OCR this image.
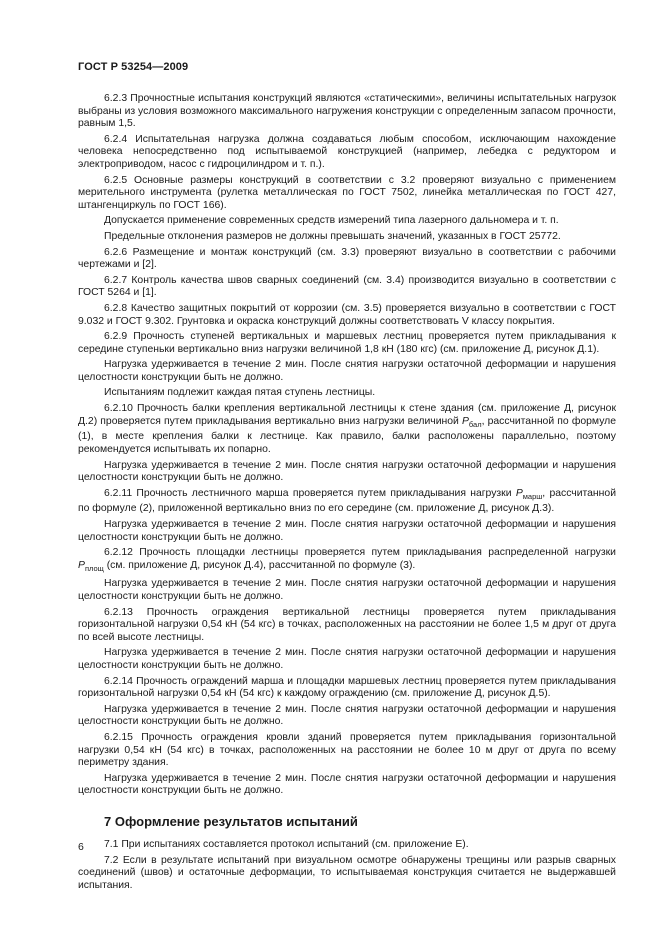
ГОСТ Р 53254—2009

6.2.3 Прочностные испытания конструкций являются «статическими», величины испытательных нагрузок выбраны из условия возможного максимального нагружения конструкции с определенным запасом прочности, равным 1,5.

6.2.4 Испытательная нагрузка должна создаваться любым способом, исключающим нахождение человека непосредственно под испытываемой конструкцией (например, лебедка с редуктором и электроприводом, насос с гидроцилиндром и т. п.).

6.2.5 Основные размеры конструкций в соответствии с 3.2 проверяют визуально с применением мерительного инструмента (рулетка металлическая по ГОСТ 7502, линейка металлическая по ГОСТ 427, штангенциркуль по ГОСТ 166).

Допускается применение современных средств измерений типа лазерного дальномера и т. п.

Предельные отклонения размеров не должны превышать значений, указанных в ГОСТ 25772.

6.2.6 Размещение и монтаж конструкций (см. 3.3) проверяют визуально в соответствии с рабочими чертежами и [2].

6.2.7 Контроль качества швов сварных соединений (см. 3.4) производится визуально в соответствии с ГОСТ 5264 и [1].

6.2.8 Качество защитных покрытий от коррозии (см. 3.5) проверяется визуально в соответствии с ГОСТ 9.032 и ГОСТ 9.302. Грунтовка и окраска конструкций должны соответствовать V классу покрытия.

6.2.9 Прочность ступеней вертикальных и маршевых лестниц проверяется путем прикладывания к середине ступеньки вертикально вниз нагрузки величиной 1,8 кН (180 кгс) (см. приложение Д, рисунок Д.1).

Нагрузка удерживается в течение 2 мин. После снятия нагрузки остаточной деформации и нарушения целостности конструкции быть не должно.

Испытаниям подлежит каждая пятая ступень лестницы.

6.2.10 Прочность балки крепления вертикальной лестницы к стене здания (см. приложение Д, рисунок Д.2) проверяется путем прикладывания вертикально вниз нагрузки величиной $P_{бал}$, рассчитанной по формуле (1), в месте крепления балки к лестнице. Как правило, балки расположены параллельно, поэтому рекомендуется испытывать их попарно.

Нагрузка удерживается в течение 2 мин. После снятия нагрузки остаточной деформации и нарушения целостности конструкции быть не должно.

6.2.11 Прочность лестничного марша проверяется путем прикладывания нагрузки $P_{марш}$, рассчитанной по формуле (2), приложенной вертикально вниз по его середине (см. приложение Д, рисунок Д.3).

Нагрузка удерживается в течение 2 мин. После снятия нагрузки остаточной деформации и нарушения целостности конструкции быть не должно.

6.2.12 Прочность площадки лестницы проверяется путем прикладывания распределенной нагрузки $P_{площ}$ (см. приложение Д, рисунок Д.4), рассчитанной по формуле (3).

Нагрузка удерживается в течение 2 мин. После снятия нагрузки остаточной деформации и нарушения целостности конструкции быть не должно.

6.2.13 Прочность ограждения вертикальной лестницы проверяется путем прикладывания горизонтальной нагрузки 0,54 кН (54 кгс) в точках, расположенных на расстоянии не более 1,5 м друг от друга по всей высоте лестницы.

Нагрузка удерживается в течение 2 мин. После снятия нагрузки остаточной деформации и нарушения целостности конструкции быть не должно.

6.2.14 Прочность ограждений марша и площадки маршевых лестниц проверяется путем прикладывания горизонтальной нагрузки 0,54 кН (54 кгс) к каждому ограждению (см. приложение Д, рисунок Д.5).

Нагрузка удерживается в течение 2 мин. После снятия нагрузки остаточной деформации и нарушения целостности конструкции быть не должно.

6.2.15 Прочность ограждения кровли зданий проверяется путем прикладывания горизонтальной нагрузки 0,54 кН (54 кгс) в точках, расположенных на расстоянии не более 10 м друг от друга по всему периметру здания.

Нагрузка удерживается в течение 2 мин. После снятия нагрузки остаточной деформации и нарушения целостности конструкции быть не должно.

7 Оформление результатов испытаний

7.1 При испытаниях составляется протокол испытаний (см. приложение Е).

7.2 Если в результате испытаний при визуальном осмотре обнаружены трещины или разрыв сварных соединений (швов) и остаточные деформации, то испытываемая конструкция считается не выдержавшей испытания.

6
